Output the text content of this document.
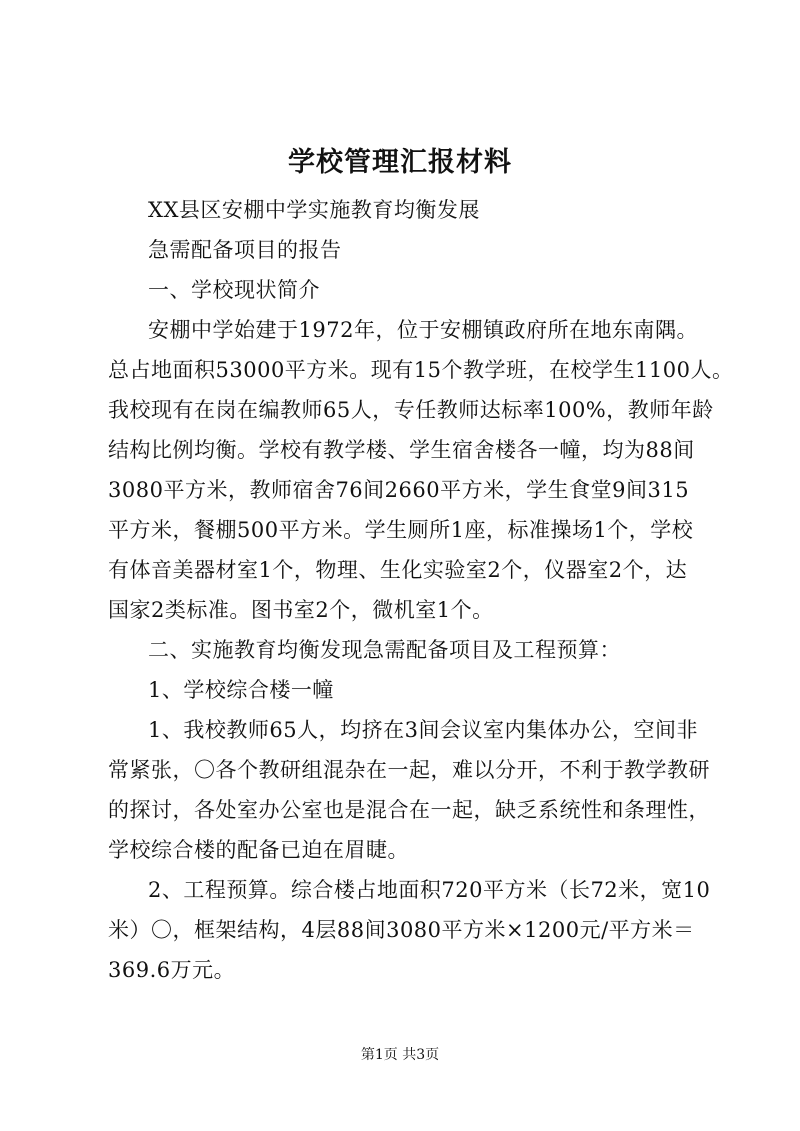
学校管理汇报材料

XX县区安棚中学实施教育均衡发展

急需配备项目的报告

一、学校现状简介

安棚中学始建于1972年，位于安棚镇政府所在地东南隅。

总占地面积53000平方米。现有15个教学班，在校学生1100人。

我校现有在岗在编教师65人，专任教师达标率100%，教师年龄

结构比例均衡。学校有教学楼、学生宿舍楼各一幢，均为88间

3080平方米，教师宿舍76间2660平方米，学生食堂9间315

平方米，餐棚500平方米。学生厕所1座，标准操场1个，学校

有体音美器材室1个，物理、生化实验室2个，仪器室2个，达

国家2类标准。图书室2个，微机室1个。

二、实施教育均衡发现急需配备项目及工程预算：

1、学校综合楼一幢

1、我校教师65人，均挤在3间会议室内集体办公，空间非

常紧张，〇各个教研组混杂在一起，难以分开，不利于教学教研

的探讨，各处室办公室也是混合在一起，缺乏系统性和条理性，

学校综合楼的配备已迫在眉睫。

2、工程预算。综合楼占地面积720平方米（长72米，宽10

米）〇，框架结构，4层88间3080平方米×1200元/平方米＝

369.6万元。

第1页 共3页
